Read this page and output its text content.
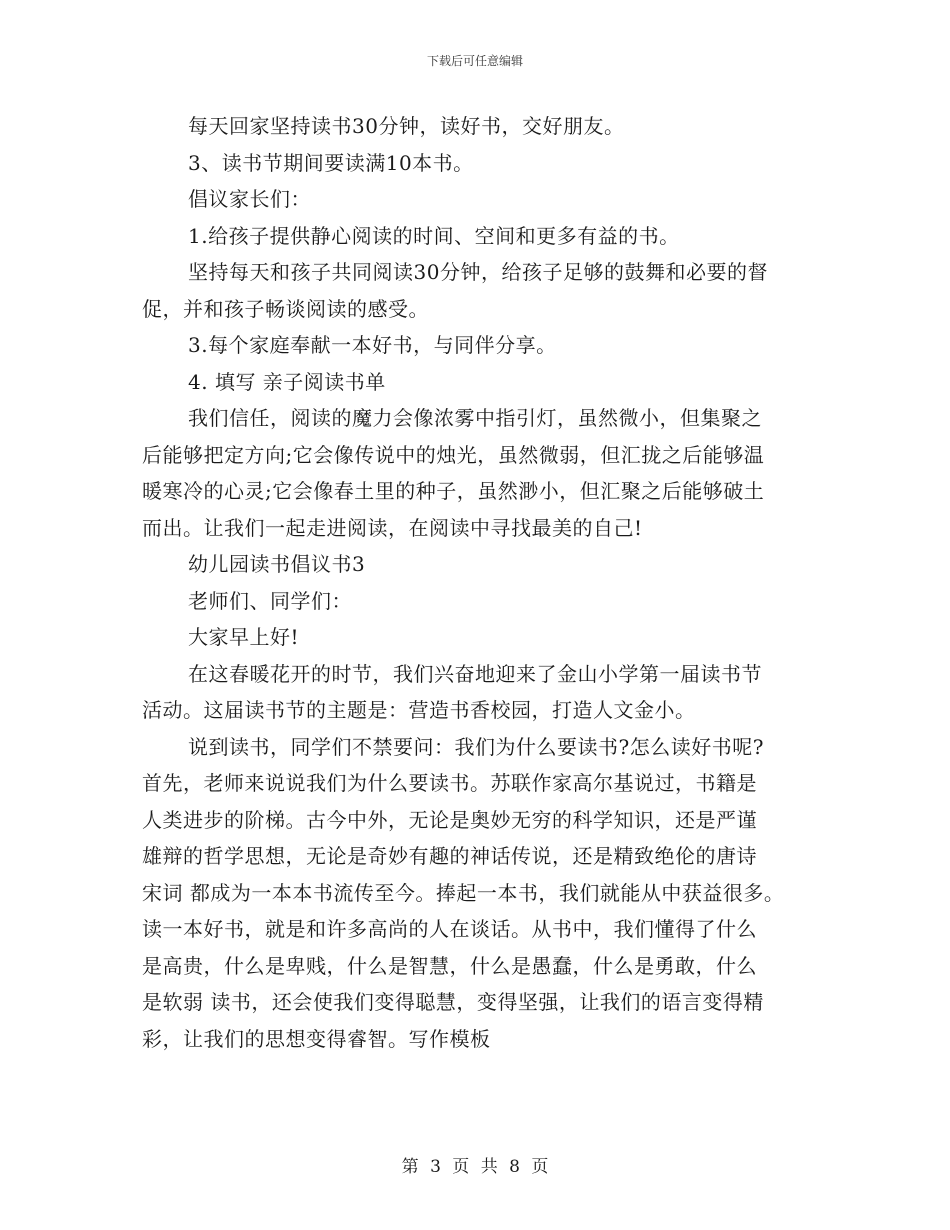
下载后可任意编辑
每天回家坚持读书30分钟，读好书，交好朋友。
3、读书节期间要读满10本书。
倡议家长们：
1.给孩子提供静心阅读的时间、空间和更多有益的书。
坚持每天和孩子共同阅读30分钟，给孩子足够的鼓舞和必要的督
促，并和孩子畅谈阅读的感受。
3.每个家庭奉献一本好书，与同伴分享。
4. 填写 亲子阅读书单
我们信任，阅读的魔力会像浓雾中指引灯，虽然微小，但集聚之
后能够把定方向;它会像传说中的烛光，虽然微弱，但汇拢之后能够温
暖寒冷的心灵;它会像春土里的种子，虽然渺小，但汇聚之后能够破土
而出。让我们一起走进阅读，在阅读中寻找最美的自己!
幼儿园读书倡议书3
老师们、同学们：
大家早上好!
在这春暖花开的时节，我们兴奋地迎来了金山小学第一届读书节
活动。这届读书节的主题是：营造书香校园，打造人文金小。
说到读书，同学们不禁要问：我们为什么要读书?怎么读好书呢?
首先，老师来说说我们为什么要读书。苏联作家高尔基说过，书籍是
人类进步的阶梯。古今中外，无论是奥妙无穷的科学知识，还是严谨
雄辩的哲学思想，无论是奇妙有趣的神话传说，还是精致绝伦的唐诗
宋词 都成为一本本书流传至今。捧起一本书，我们就能从中获益很多。
读一本好书，就是和许多高尚的人在谈话。从书中，我们懂得了什么
是高贵，什么是卑贱，什么是智慧，什么是愚蠢，什么是勇敢，什么
是软弱 读书，还会使我们变得聪慧，变得坚强，让我们的语言变得精
彩，让我们的思想变得睿智。写作模板
第 3 页 共 8 页
